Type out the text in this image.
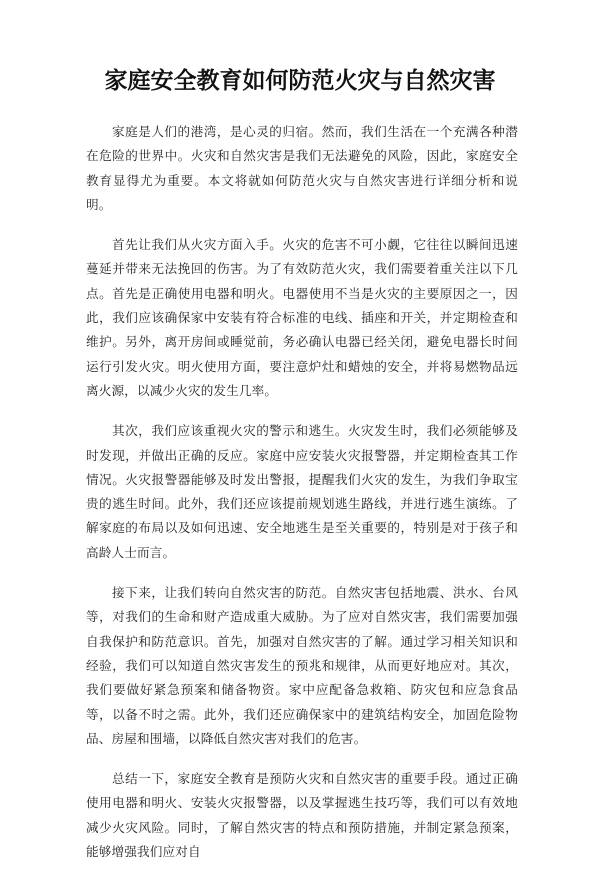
家庭安全教育如何防范火灾与自然灾害

家庭是人们的港湾，是心灵的归宿。然而，我们生活在一个充满各种潜在危险的世界中。火灾和自然灾害是我们无法避免的风险，因此，家庭安全教育显得尤为重要。本文将就如何防范火灾与自然灾害进行详细分析和说明。

首先让我们从火灾方面入手。火灾的危害不可小觑，它往往以瞬间迅速蔓延并带来无法挽回的伤害。为了有效防范火灾，我们需要着重关注以下几点。首先是正确使用电器和明火。电器使用不当是火灾的主要原因之一，因此，我们应该确保家中安装有符合标准的电线、插座和开关，并定期检查和维护。另外，离开房间或睡觉前，务必确认电器已经关闭，避免电器长时间运行引发火灾。明火使用方面，要注意炉灶和蜡烛的安全，并将易燃物品远离火源，以减少火灾的发生几率。

其次，我们应该重视火灾的警示和逃生。火灾发生时，我们必须能够及时发现，并做出正确的反应。家庭中应安装火灾报警器，并定期检查其工作情况。火灾报警器能够及时发出警报，提醒我们火灾的发生，为我们争取宝贵的逃生时间。此外，我们还应该提前规划逃生路线，并进行逃生演练。了解家庭的布局以及如何迅速、安全地逃生是至关重要的，特别是对于孩子和高龄人士而言。

接下来，让我们转向自然灾害的防范。自然灾害包括地震、洪水、台风等，对我们的生命和财产造成重大威胁。为了应对自然灾害，我们需要加强自我保护和防范意识。首先，加强对自然灾害的了解。通过学习相关知识和经验，我们可以知道自然灾害发生的预兆和规律，从而更好地应对。其次，我们要做好紧急预案和储备物资。家中应配备急救箱、防灾包和应急食品等，以备不时之需。此外，我们还应确保家中的建筑结构安全，加固危险物品、房屋和围墙，以降低自然灾害对我们的危害。

总结一下，家庭安全教育是预防火灾和自然灾害的重要手段。通过正确使用电器和明火、安装火灾报警器，以及掌握逃生技巧等，我们可以有效地减少火灾风险。同时，了解自然灾害的特点和预防措施，并制定紧急预案，能够增强我们应对自
